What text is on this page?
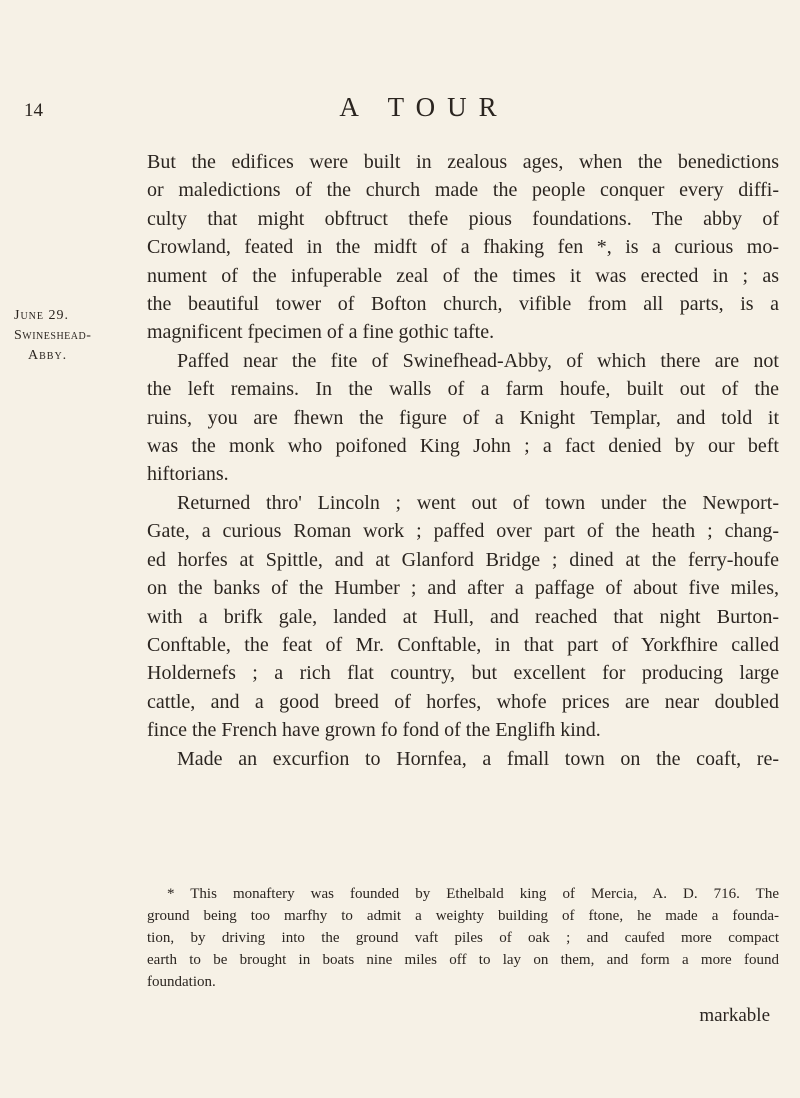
14	A TOUR
June 29.
Swineshead-
Abby.
But the edifices were built in zealous ages, when the benedictions
or maledictions of the church made the people conquer every diffi-
culty that might obftruct thefe pious foundations. The abby of
Crowland, feated in the midft of a fhaking fen *, is a curious mo-
nument of the infuperable zeal of the times it was erected in ; as
the beautiful tower of Bofton church, vifible from all parts, is a
magnificent fpecimen of a fine gothic tafte.
Paffed near the fite of Swinefhead-Abby, of which there are not
the left remains. In the walls of a farm houfe, built out of the
ruins, you are fhewn the figure of a Knight Templar, and told it
was the monk who poifoned King John ; a fact denied by our beft
hiftorians.
Returned thro' Lincoln ; went out of town under the Newport-
Gate, a curious Roman work ; paffed over part of the heath ; chang-
ed horfes at Spittle, and at Glanford Bridge ; dined at the ferry-houfe
on the banks of the Humber ; and after a paffage of about five miles,
with a brifk gale, landed at Hull, and reached that night Burton-
Conftable, the feat of Mr. Conftable, in that part of Yorkfhire called
Holdernefs ; a rich flat country, but excellent for producing large
cattle, and a good breed of horfes, whofe prices are near doubled
fince the French have grown fo fond of the Englifh kind.
Made an excurfion to Hornfea, a fmall town on the coaft, re-
* This monaftery was founded by Ethelbald king of Mercia, A. D. 716. The
ground being too marfhy to admit a weighty building of ftone, he made a founda-
tion, by driving into the ground vaft piles of oak ; and caufed more compact
earth to be brought in boats nine miles off to lay on them, and form a more found
foundation.
markable
